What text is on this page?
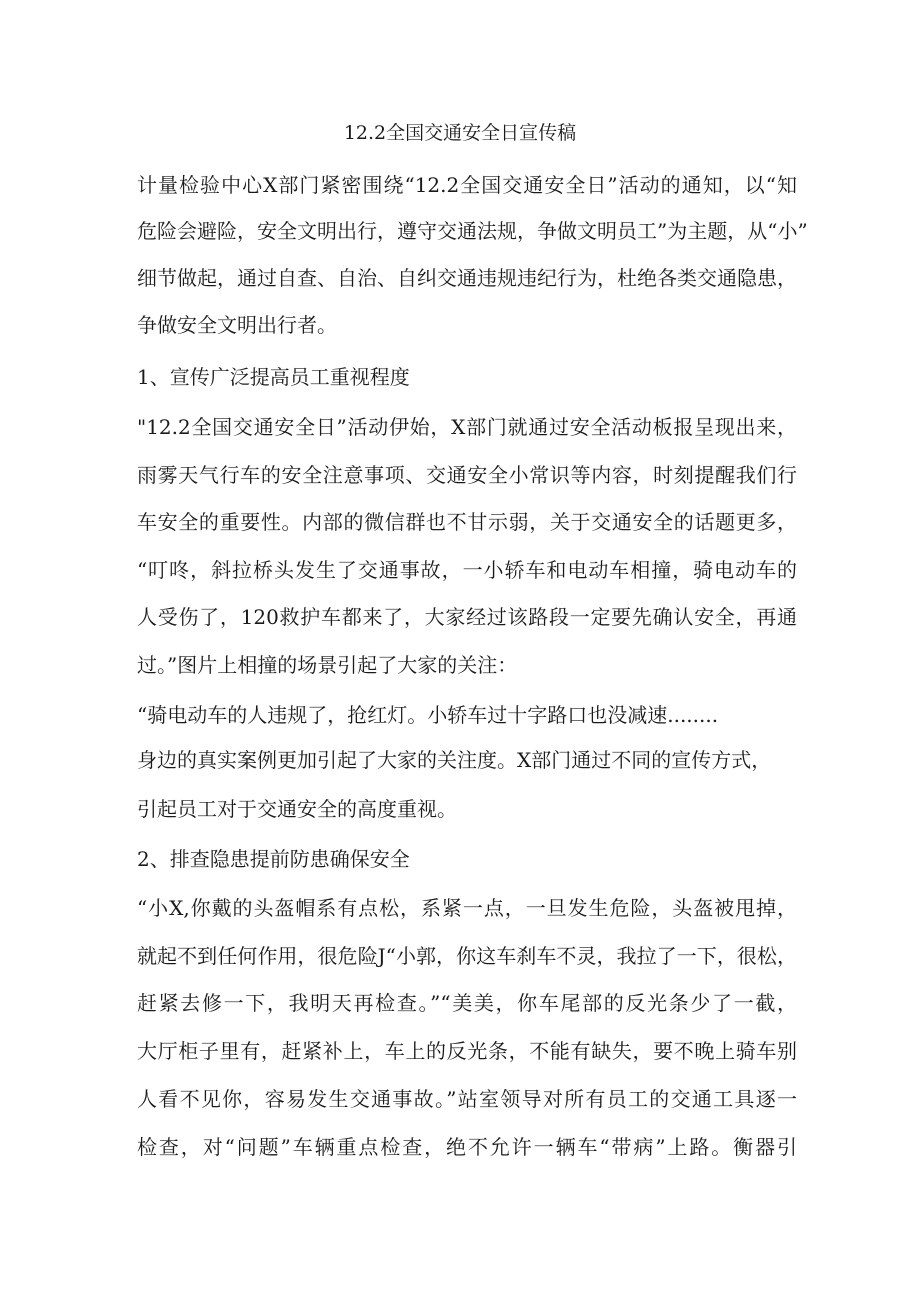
12.2全国交通安全日宣传稿
计量检验中心X部门紧密围绕“12.2全国交通安全日”活动的通知，以“知
危险会避险，安全文明出行，遵守交通法规，争做文明员工”为主题，从“小”
细节做起，通过自查、自治、自纠交通违规违纪行为，杜绝各类交通隐患，
争做安全文明出行者。
1、宣传广泛提高员工重视程度
"12.2全国交通安全日”活动伊始，X部门就通过安全活动板报呈现出来，
雨雾天气行车的安全注意事项、交通安全小常识等内容，时刻提醒我们行
车安全的重要性。内部的微信群也不甘示弱，关于交通安全的话题更多，
“叮咚，斜拉桥头发生了交通事故，一小轿车和电动车相撞，骑电动车的
人受伤了，120救护车都来了，大家经过该路段一定要先确认安全，再通
过。”图片上相撞的场景引起了大家的关注：
“骑电动车的人违规了，抢红灯。小轿车过十字路口也没减速........
身边的真实案例更加引起了大家的关注度。X部门通过不同的宣传方式，
引起员工对于交通安全的高度重视。
2、排查隐患提前防患确保安全
“小X,你戴的头盔帽系有点松，系紧一点，一旦发生危险，头盔被甩掉，
就起不到任何作用，很危险J“小郭，你这车刹车不灵，我拉了一下，很松，
赶紧去修一下，我明天再检查。”“美美，你车尾部的反光条少了一截，
大厅柜子里有，赶紧补上，车上的反光条，不能有缺失，要不晚上骑车别
人看不见你，容易发生交通事故。”站室领导对所有员工的交通工具逐一
检查，对“问题”车辆重点检查，绝不允许一辆车“带病”上路。衡器引
